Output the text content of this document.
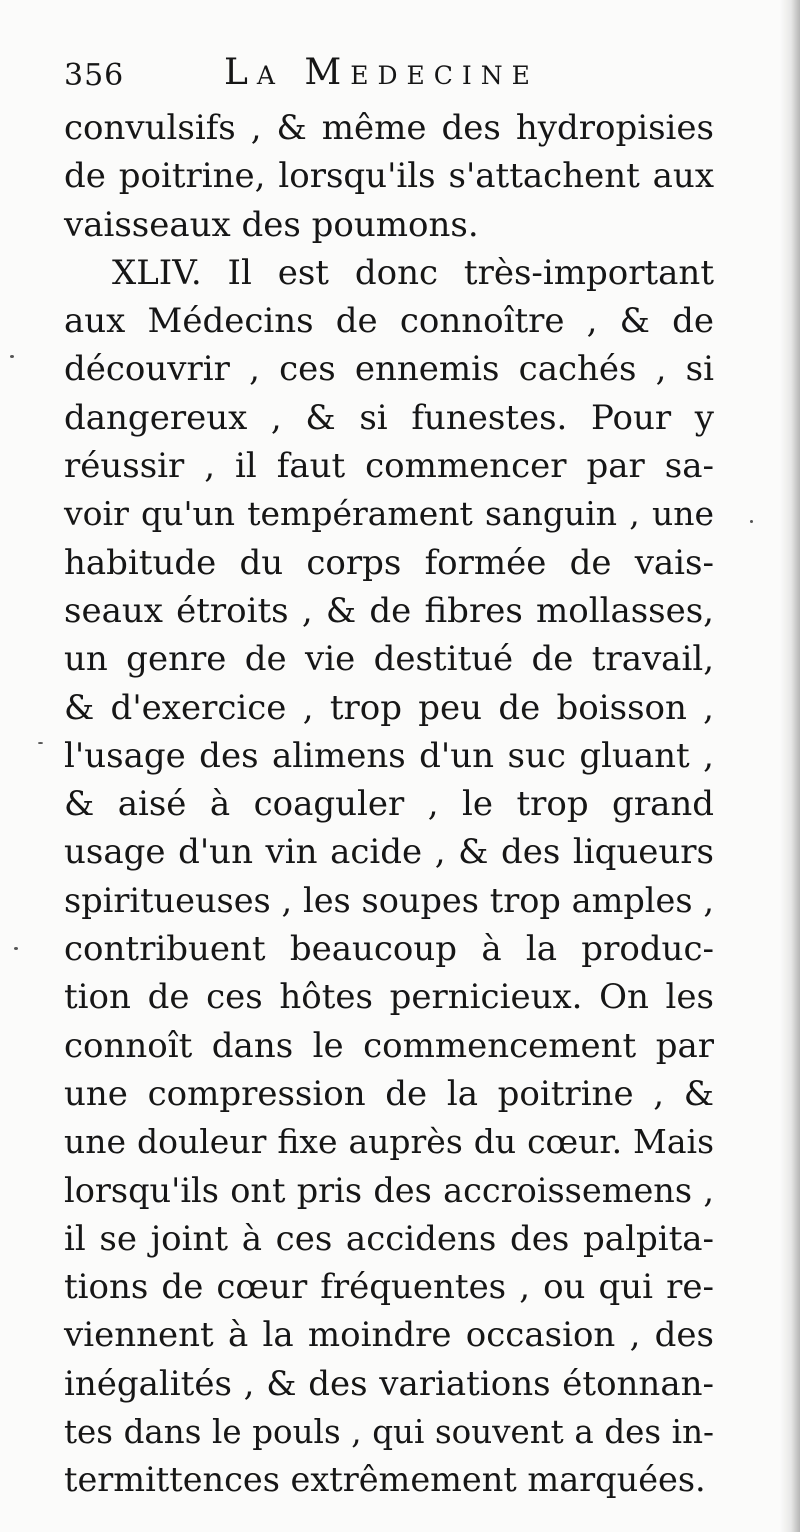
356	La Medecine
convulsifs , & même des hydropisies
de poitrine, lorsqu'ils s'attachent aux
vaisseaux des poumons.
XLIV. Il est donc très-important
aux Médecins de connoître , & de
découvrir , ces ennemis cachés , si
dangereux , & si funestes. Pour y
réussir , il faut commencer par sa-
voir qu'un tempérament sanguin , une
habitude du corps formée de vais-
seaux étroits , & de fibres mollasses,
un genre de vie destitué de travail,
& d'exercice , trop peu de boisson ,
l'usage des alimens d'un suc gluant ,
& aisé à coaguler , le trop grand
usage d'un vin acide , & des liqueurs
spiritueuses , les soupes trop amples ,
contribuent beaucoup à la produc-
tion de ces hôtes pernicieux. On les
connoît dans le commencement par
une compression de la poitrine , &
une douleur fixe auprès du cœur. Mais
lorsqu'ils ont pris des accroissemens ,
il se joint à ces accidens des palpita-
tions de cœur fréquentes , ou qui re-
viennent à la moindre occasion , des
inégalités , & des variations étonnan-
tes dans le pouls , qui souvent a des in-
termittences extrêmement marquées.
